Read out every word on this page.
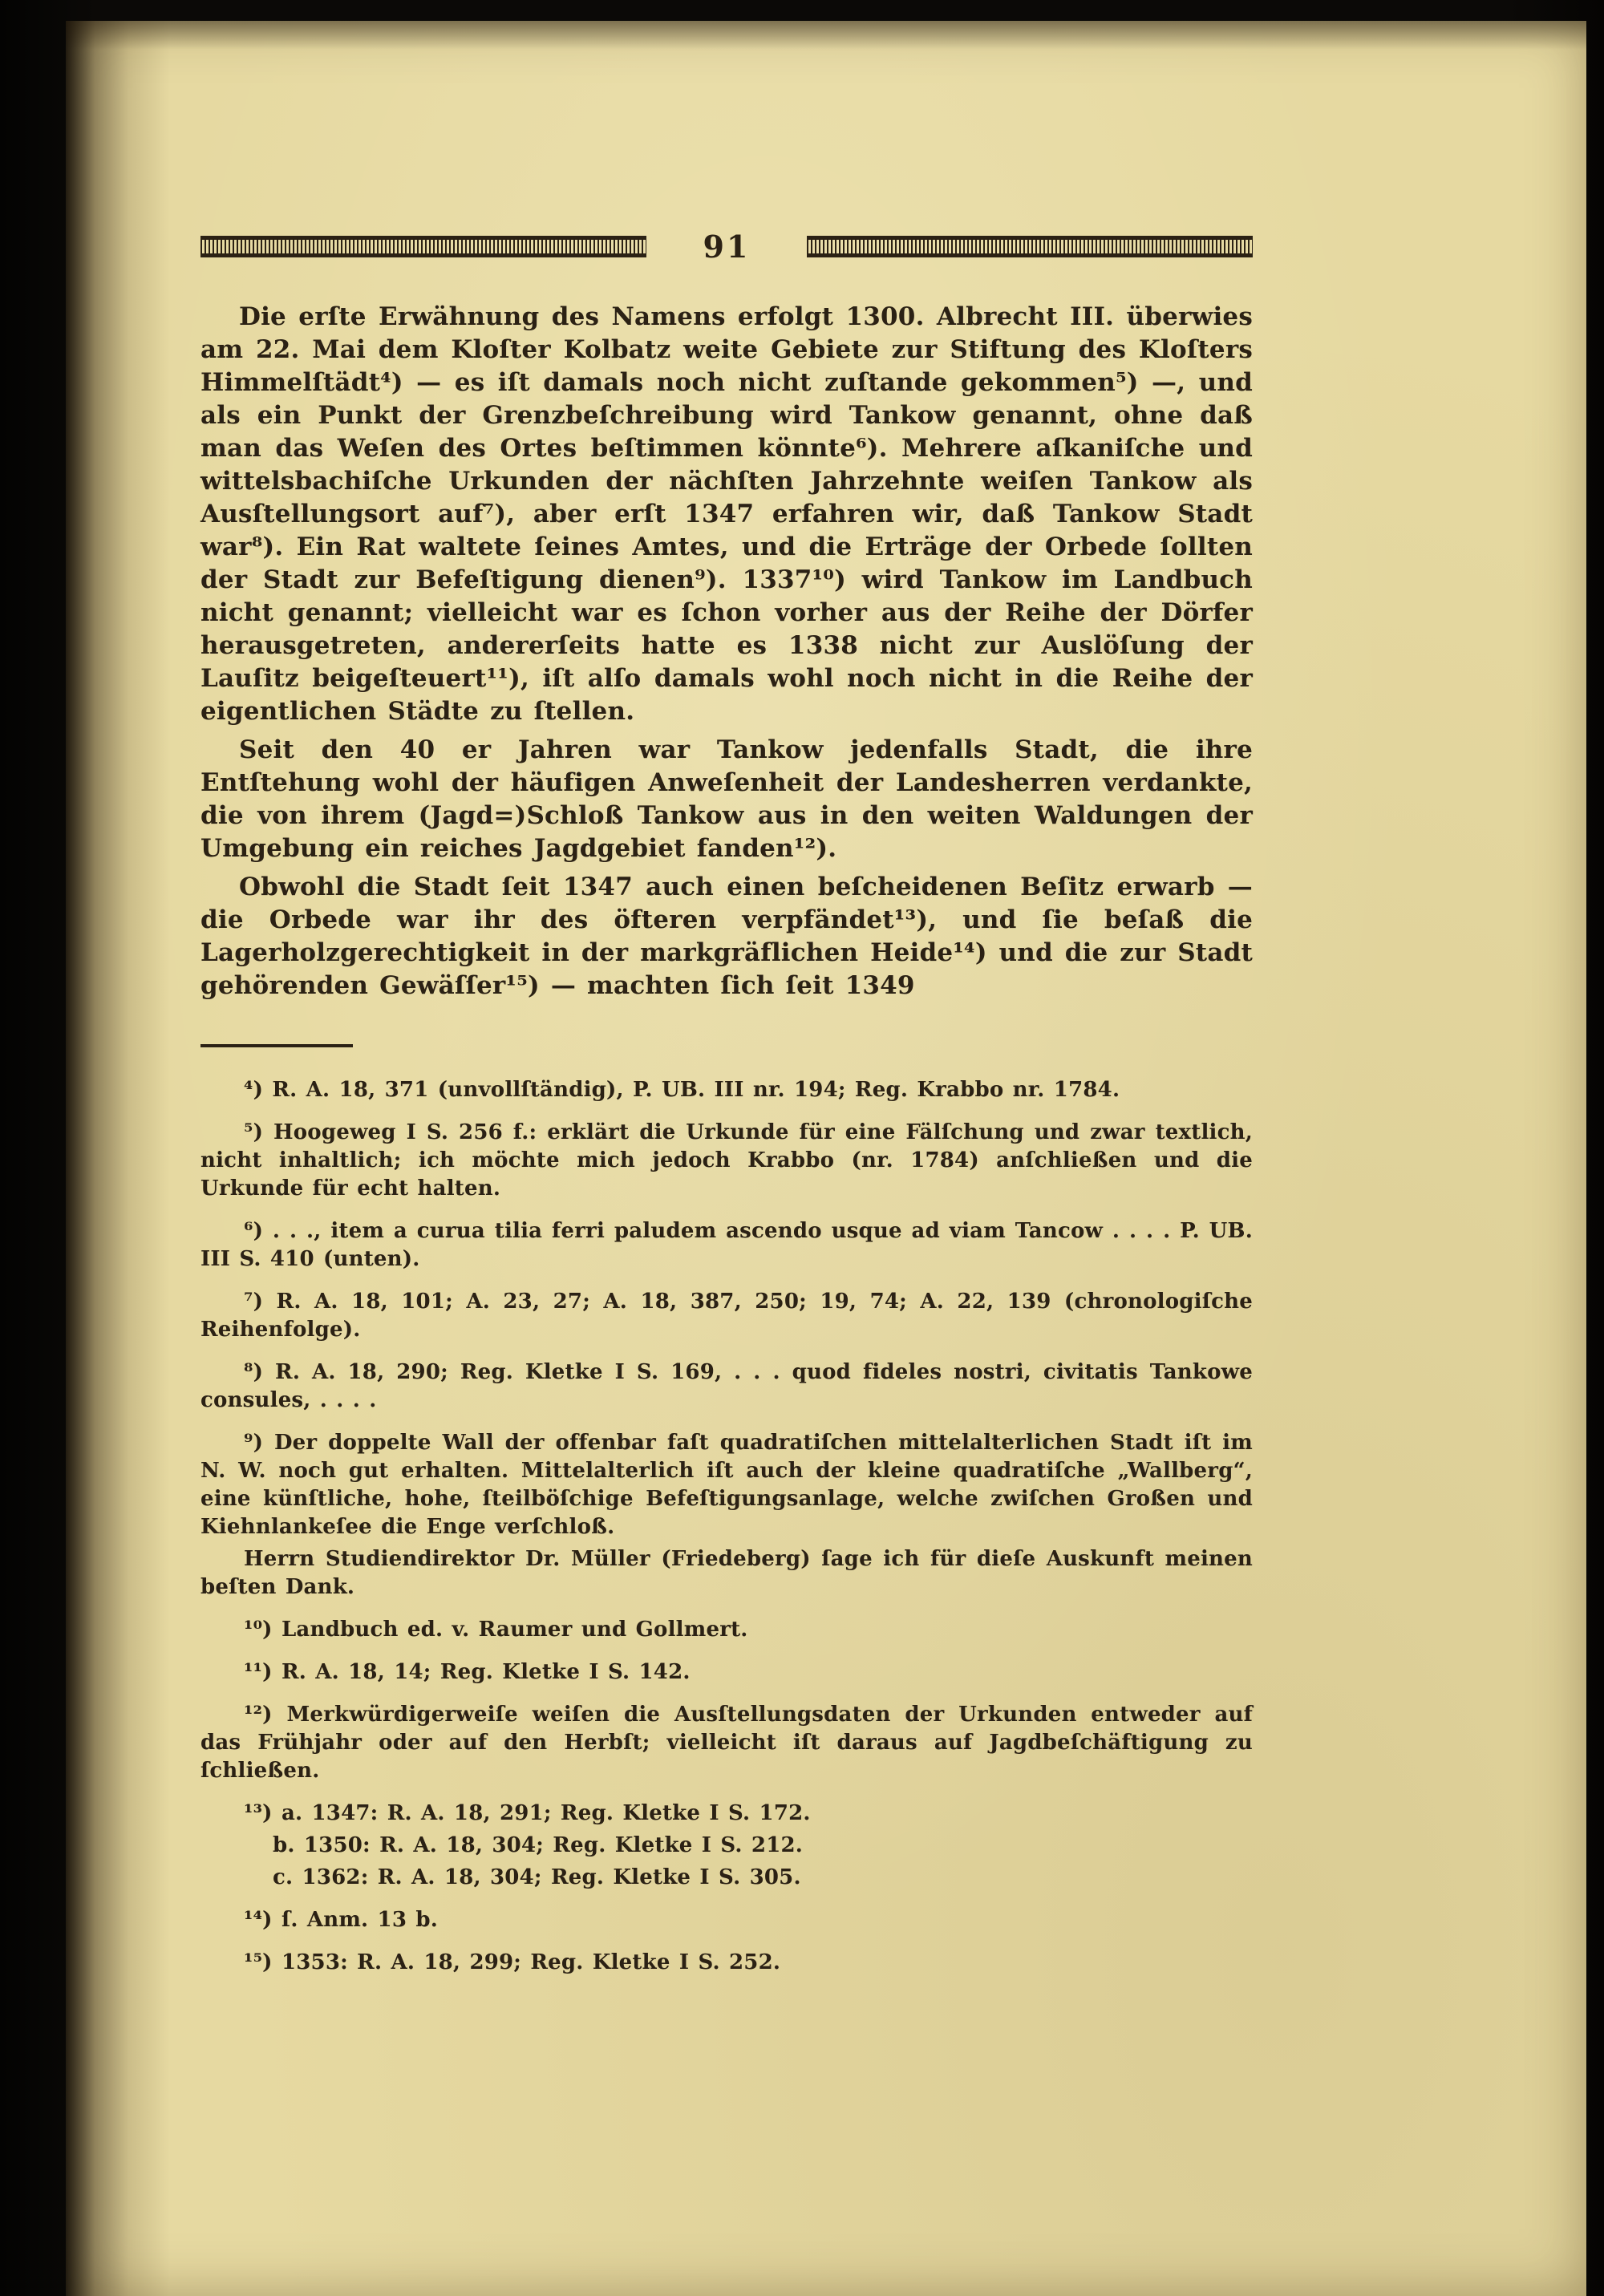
91

Die erſte Erwähnung des Namens erfolgt 1300. Albrecht III. überwies am 22. Mai dem Kloſter Kolbatz weite Gebiete zur Stiftung des Kloſters Himmelſtädt⁴) — es iſt damals noch nicht zuſtande gekommen⁵) —, und als ein Punkt der Grenzbeſchreibung wird Tankow genannt, ohne daß man das Weſen des Ortes beſtimmen könnte⁶). Mehrere aſkaniſche und wittelsbachiſche Urkunden der nächſten Jahrzehnte weiſen Tankow als Ausſtellungsort auf⁷), aber erſt 1347 erfahren wir, daß Tankow Stadt war⁸). Ein Rat waltete ſeines Amtes, und die Erträge der Orbede ſollten der Stadt zur Befeſtigung dienen⁹). 1337¹⁰) wird Tankow im Landbuch nicht genannt; vielleicht war es ſchon vorher aus der Reihe der Dörfer herausgetreten, andererſeits hatte es 1338 nicht zur Auslöſung der Lauſitz beigeſteuert¹¹), iſt alſo damals wohl noch nicht in die Reihe der eigentlichen Städte zu ſtellen.

Seit den 40 er Jahren war Tankow jedenfalls Stadt, die ihre Entſtehung wohl der häufigen Anweſenheit der Landesherren verdankte, die von ihrem (Jagd=)Schloß Tankow aus in den weiten Waldungen der Umgebung ein reiches Jagdgebiet fanden¹²).

Obwohl die Stadt ſeit 1347 auch einen beſcheidenen Beſitz erwarb — die Orbede war ihr des öfteren verpfändet¹³), und ſie beſaß die Lagerholzgerechtigkeit in der markgräflichen Heide¹⁴) und die zur Stadt gehörenden Gewäſſer¹⁵) — machten ſich ſeit 1349

⁴) R. A. 18, 371 (unvollſtändig), P. UB. III nr. 194; Reg. Krabbo nr. 1784.

⁵) Hoogeweg I S. 256 f.: erklärt die Urkunde für eine Fälſchung und zwar textlich, nicht inhaltlich; ich möchte mich jedoch Krabbo (nr. 1784) anſchließen und die Urkunde für echt halten.

⁶) . . ., item a curua tilia ferri paludem ascendo usque ad viam Tancow . . . . P. UB. III S. 410 (unten).

⁷) R. A. 18, 101; A. 23, 27; A. 18, 387, 250; 19, 74; A. 22, 139 (chronologiſche Reihenfolge).

⁸) R. A. 18, 290; Reg. Kletke I S. 169, . . . quod fideles nostri, civitatis Tankowe consules, . . . .

⁹) Der doppelte Wall der offenbar faſt quadratiſchen mittelalterlichen Stadt iſt im N. W. noch gut erhalten. Mittelalterlich iſt auch der kleine quadratiſche „Wallberg“, eine künſtliche, hohe, ſteilböſchige Befeſtigungsanlage, welche zwiſchen Großen und Kiehnlankeſee die Enge verſchloß.

Herrn Studiendirektor Dr. Müller (Friedeberg) ſage ich für dieſe Auskunft meinen beſten Dank.

¹⁰) Landbuch ed. v. Raumer und Gollmert.

¹¹) R. A. 18, 14; Reg. Kletke I S. 142.

¹²) Merkwürdigerweiſe weiſen die Ausſtellungsdaten der Urkunden entweder auf das Frühjahr oder auf den Herbſt; vielleicht iſt daraus auf Jagdbeſchäftigung zu ſchließen.

¹³) a. 1347: R. A. 18, 291; Reg. Kletke I S. 172.

b. 1350: R. A. 18, 304; Reg. Kletke I S. 212.

c. 1362: R. A. 18, 304; Reg. Kletke I S. 305.

¹⁴) ſ. Anm. 13 b.

¹⁵) 1353: R. A. 18, 299; Reg. Kletke I S. 252.
